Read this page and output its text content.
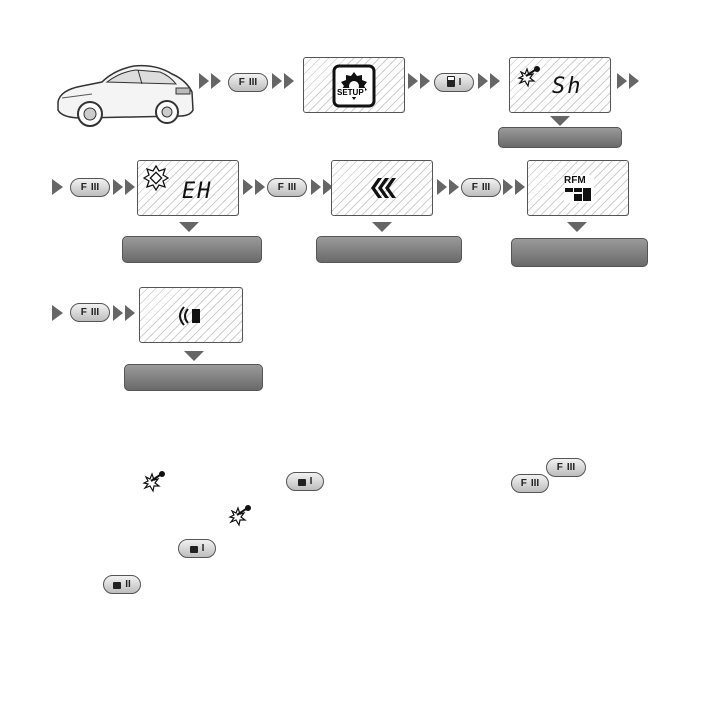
F III
SETUP
I	Sh
F III	EH	F III	F III
RFM
F III
F III
F III
I
I
II
